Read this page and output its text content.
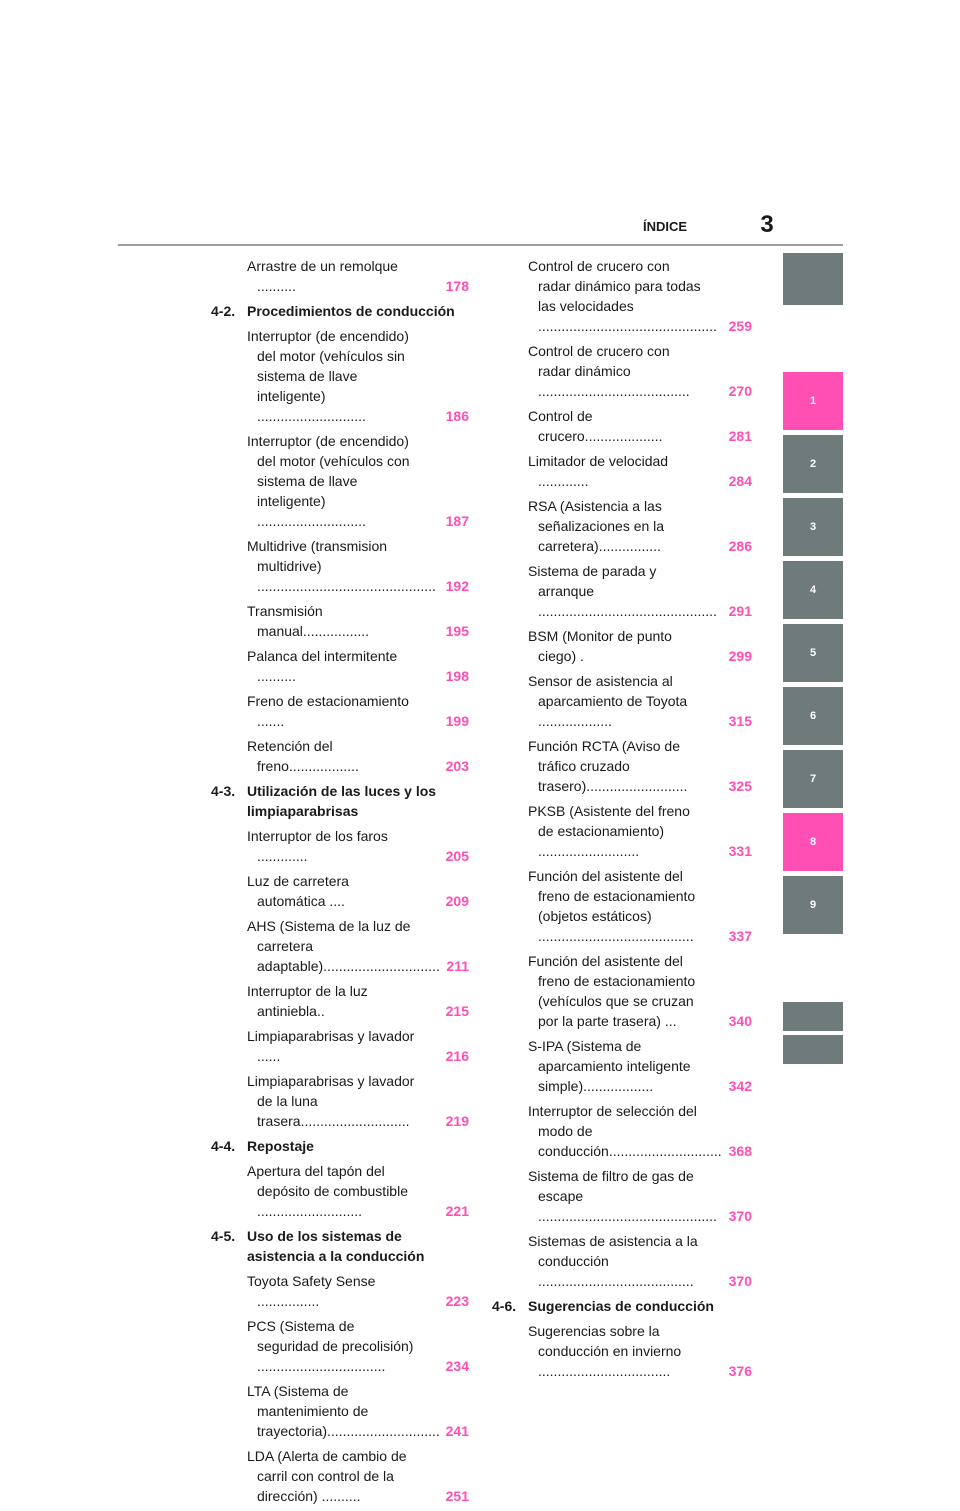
ÍNDICE	3
Arrastre de un remolque ..........	178
4-2. Procedimientos de conducción
Interruptor (de encendido) del motor (vehículos sin sistema de llave inteligente) ............................	186
Interruptor (de encendido) del motor (vehículos con sistema de llave inteligente) ............................	187
Multidrive (transmision multidrive) .............................................. 192
Transmisión manual.................	195
Palanca del intermitente ..........	198
Freno de estacionamiento .......	199
Retención del freno..................	203
4-3. Utilización de las luces y los limpiaparabrisas
Interruptor de los faros .............	205
Luz de carretera automática ....	209
AHS (Sistema de la luz de carretera adaptable).............................. 211
Interruptor de la luz antiniebla..	215
Limpiaparabrisas y lavador ......	216
Limpiaparabrisas y lavador de la luna trasera............................	219
4-4. Repostaje
Apertura del tapón del depósito de combustible ...........................	221
4-5. Uso de los sistemas de asistencia a la conducción
Toyota Safety Sense ................	223
PCS (Sistema de seguridad de precolisión) .................................	234
LTA (Sistema de mantenimiento de trayectoria)............................. 241
LDA (Alerta de cambio de carril con control de la dirección) ..........	251
Control de crucero con radar dinámico para todas las velocidades .............................................. 259
Control de crucero con radar dinámico .......................................	270
Control de crucero....................	281
Limitador de velocidad .............	284
RSA (Asistencia a las señalizaciones en la carretera)................	286
Sistema de parada y arranque .............................................. 291
BSM (Monitor de punto ciego) .	299
Sensor de asistencia al aparcamiento de Toyota ...................	315
Función RCTA (Aviso de tráfico cruzado trasero)..........................	325
PKSB (Asistente del freno de estacionamiento) ..........................	331
Función del asistente del freno de estacionamiento (objetos estáticos) ........................................	337
Función del asistente del freno de estacionamiento (vehículos que se cruzan por la parte trasera) ...	340
S-IPA (Sistema de aparcamiento inteligente simple)..................	342
Interruptor de selección del modo de conducción............................. 368
Sistema de filtro de gas de escape .............................................. 370
Sistemas de asistencia a la conducción ........................................	370
4-6. Sugerencias de conducción
Sugerencias sobre la conducción en invierno ..................................	376
1
2
3
4
5
6
7
8
9
